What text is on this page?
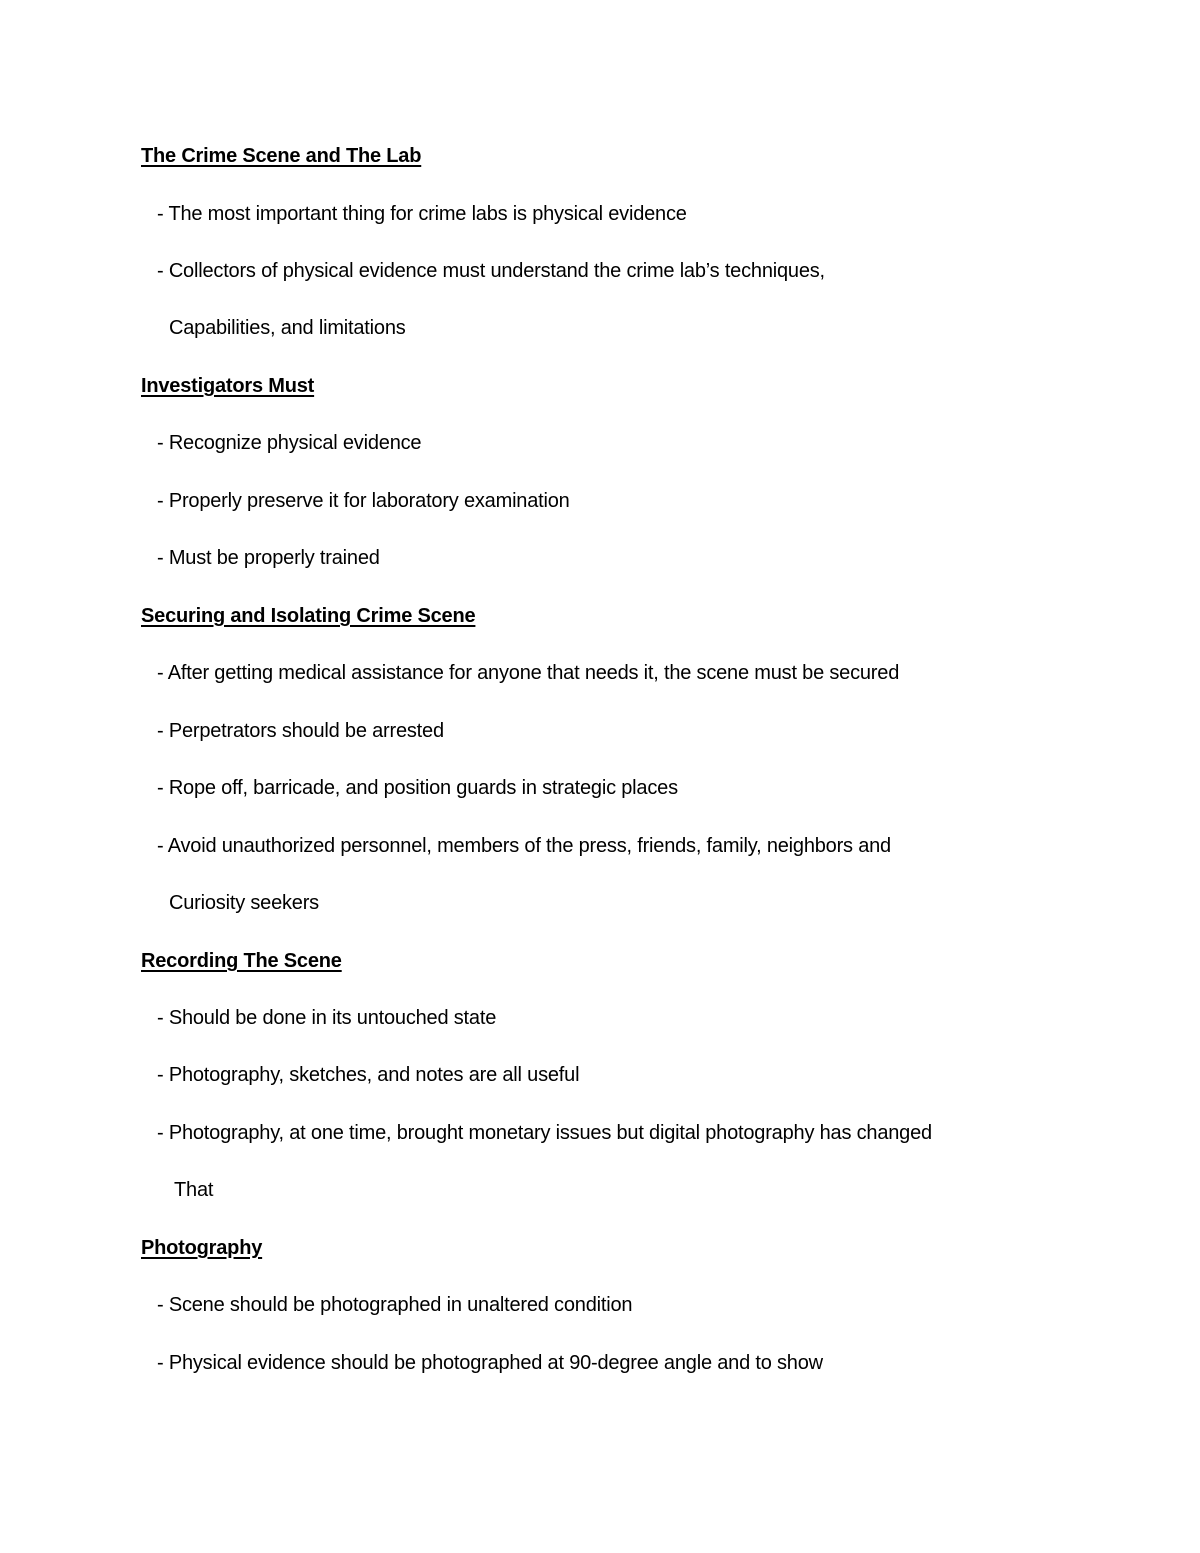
The Crime Scene and The Lab
- The most important thing for crime labs is physical evidence
- Collectors of physical evidence must understand the crime lab’s techniques,
Capabilities, and limitations
Investigators Must
- Recognize physical evidence
- Properly preserve it for laboratory examination
- Must be properly trained
Securing and Isolating Crime Scene
- After getting medical assistance for anyone that needs it, the scene must be secured
- Perpetrators should be arrested
- Rope off, barricade, and position guards in strategic places
- Avoid unauthorized personnel, members of the press, friends, family, neighbors and
Curiosity seekers
Recording The Scene
- Should be done in its untouched state
- Photography, sketches, and notes are all useful
- Photography, at one time, brought monetary issues but digital photography has changed
That
Photography
- Scene should be photographed in unaltered condition
- Physical evidence should be photographed at 90-degree angle and to show
